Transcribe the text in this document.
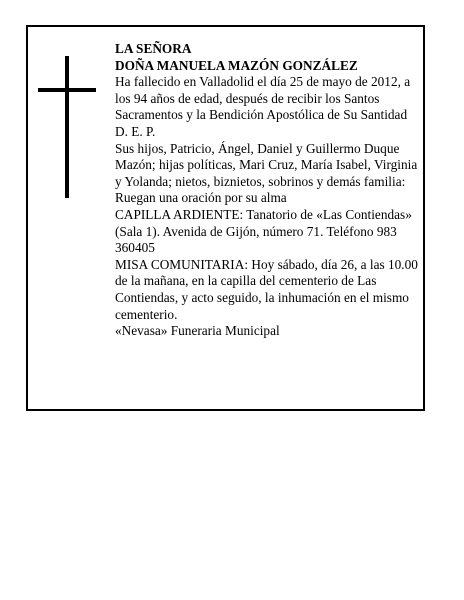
LA SEÑORA

DOÑA MANUELA MAZÓN GONZÁLEZ

Ha fallecido en Valladolid el día 25 de mayo de 2012, a los 94 años de edad, después de recibir los Santos Sacramentos y la Bendición Apostólica de Su Santidad

D. E. P.

Sus hijos, Patricio, Ángel, Daniel y Guillermo Duque Mazón; hijas políticas, Mari Cruz, María Isabel, Virginia y Yolanda; nietos, biznietos, sobrinos y demás familia:

Ruegan una oración por su alma

CAPILLA ARDIENTE: Tanatorio de «Las Contiendas» (Sala 1). Avenida de Gijón, número 71. Teléfono 983 360405

MISA COMUNITARIA: Hoy sábado, día 26, a las 10.00 de la mañana, en la capilla del cementerio de Las Contiendas, y acto seguido, la inhumación en el mismo cementerio.

«Nevasa» Funeraria Municipal
